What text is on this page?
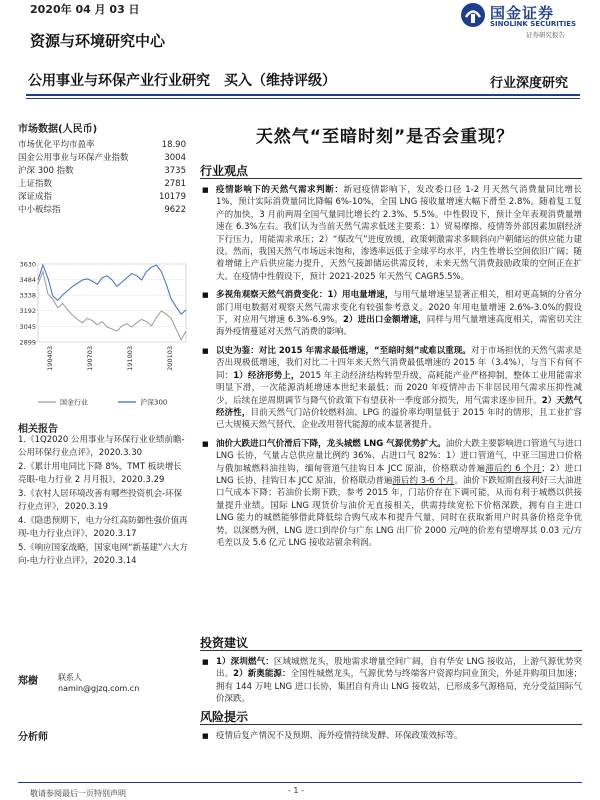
2020年 04 月 03 日	国金证券
SINOLINK SECURITIES
证券研究报告
资源与环境研究中心
公用事业与环保产业行业研究　买入（维持评级）	行业深度研究
市场数据(人民币)
市场优化平均市盈率	18.90
国金公用事业与环保产业指数	3004
沪深 300 指数	3735
上证指数	2781
深证成指	10179
中小板综指	9622
3630
3484
3338
3192
3045
2899
190403	190703	191003	200103
国金行业	沪深300
相关报告
1.《1Q2020 公用事业与环保行业业绩前瞻-公用环保行业点评》，2020.3.30
2.《累计用电同比下降 8%，TMT 板块增长亮眼-电力行业 2 月月报》，2020.3.29
3.《农村人居环境改善有哪些投资机会-环保行业点评》，2020.3.19
4.《隐患预期下，电力分红高防御性强价值再现-电力行业点评》，2020.3.17
5.《响应国家战略，国家电网“新基建”六大方向-电力行业点评》，2020.3.14
郑樹	联系人
namin@gjzq.com.cn
分析师
天然气“至暗时刻”是否会重现？
行业观点
■ 疫情影响下的天然气需求判断：新冠疫情影响下，发改委口径 1-2 月天然气消费量同比增长 1%，预计实际消费量同比降幅 6%-10%，全国 LNG 接收量增速大幅下滑至 2.8%。随着复工复产的加快，3 月前两周全国气量同比增长约 2.3%、5.5%。中性假设下，预计全年表观消费量增速在 6.3%左右。我们认为当前天然气需求低迷主要系：1）贸易摩擦、疫情等外部因素加剧经济下行压力，用能需求承压；2）“煤改气”进度放缓，政策刺激需求多顺斜向户朝储运的供应能力建设。然而，我国天然气市场远未饱和，渗透率远低于全球平均水平，内生性增长空间依旧广阔；随着增储上产后供应能力提升，天然气接卸储运供需反转，未来天然气消费鼓励政策的空间正在扩大。在疫情中性假设下，预计 2021-2025 年天然气 CAGR5.5%。
■ 多视角观察天然气消费变化：1）用电量增速，与用气量增速呈显著正相关，相对更高频的分省分部门用电数据对观察天然气需求变化有较强参考意义。2020 年用电量增速 2.6%-3.0%的假设下，对应用气增速 6.3%-6.9%。2）进出口金额增速，同样与用气量增速高度相关，需密切关注海外疫情蔓延对天然气消费的影响。
■ 以史为鉴：对比 2015 年需求最低增速，“至暗时刻”或难以重现。对于市场担忧的天然气需求是否出现极低增速，我们对比二十四年来天然气消费最低增速的 2015 年（3.4%），与当下有何不同：1）经济形势上，2015 年主动经济结构转型升级，高耗能产业严格抑制，整体工业用能需求明显下滑，一次能源消耗增速本世纪来最低；而 2020 年疫情冲击下非居民用气需求压抑性减少，后续在逆周期调节与降气价政策下有望获补一季度部分损失，用气需求逐步回升。2）天然气经济性，目前天然气门站价较燃料油、LPG 的溢价率均明显低于 2015 年时的情形，且工业扩容已大规模天然气替代，企业改用替代能源的成本显著提升。
■ 油价大跌进口气价滑后下降，龙头城燃 LNG 气源优势扩大。油价大跌主要影响进口管道气与进口 LNG 长协，气量占总供应量比例约 36%、占进口气 82%：1）进口管道气，中亚三国进口价格与俄加城燃料油挂钩，缅甸管道气挂钩日本 JCC 原油，价格联动普遍滞后约 6 个月；2）进口 LNG 长协，挂钩日本 JCC 原油，价格联动普遍滞后约 3-6 个月。油价下跌短期直接利好三大油进口气成本下降；若油价长期下跌，参考 2015 年，门站价存在下调可能，从而有利于城燃以供接量提升业绩。国际 LNG 现货价与油价无直接相关，供需持续宽松下价格深跌，拥有自主进口 LNG 能力的城燃能够借此降低综合购气成本和提升气量，同时在获取新用户时具备价格竞争优势。以深燃为例，LNG 进口到岸价与广东 LNG 出厂价 2000 元/吨的价差有望增厚其 0.03 元/方毛差以及 5.6 亿元 LNG 接收站留余利润。
投资建议
■ 1）深圳燃气：区域城燃龙头，股地需求增量空间广阔，自有华安 LNG 接收站，上游气源优势突出。2）新奥能源：全国性城燃龙头，气源优势与终端客户资源均同业顶尖，外延并购项目加速；拥有 144 万吨 LNG 进口长协，集团自有舟山 LNG 接收站，已形成多气源格局，充分受益国际气价深跌。
风险提示
■ 疫情后复产情况不及预期、海外疫情持续发酵、环保政策效标等。
敬请参阅最后一页特别声明	- 1 -
